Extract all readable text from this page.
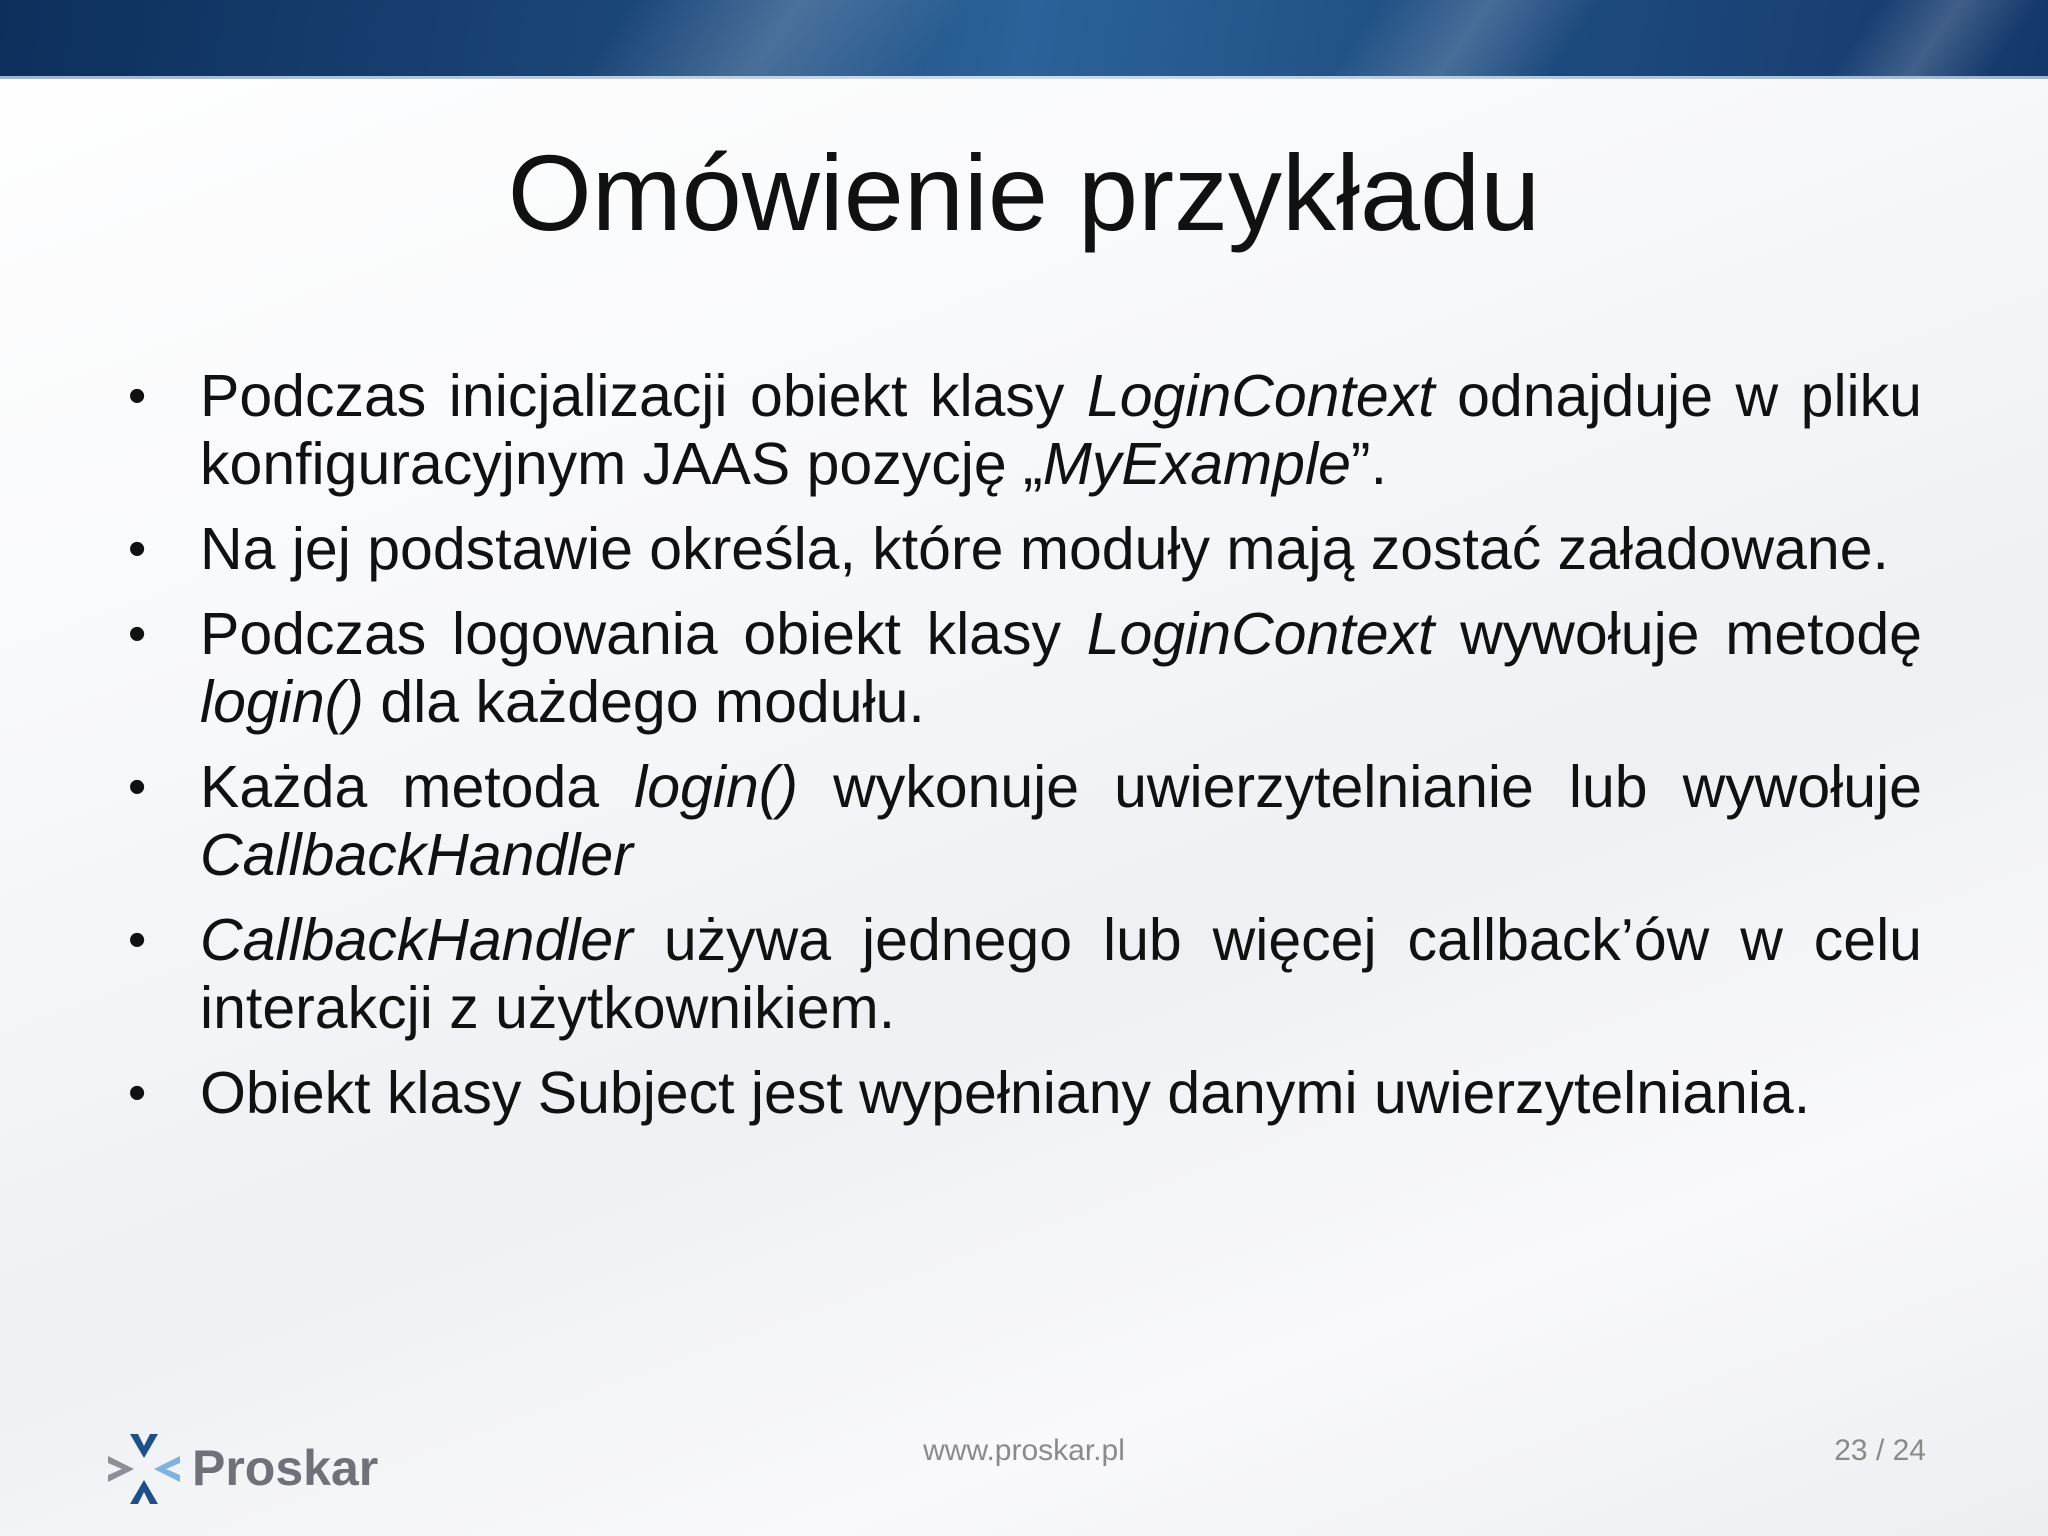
Omówienie przykładu
• Podczas inicjalizacji obiekt klasy LoginContext odnajduje w pliku konfiguracyjnym JAAS pozycję „MyExample”.
• Na jej podstawie określa, które moduły mają zostać załadowane.
• Podczas logowania obiekt klasy LoginContext wywołuje metodę login() dla każdego modułu.
• Każda metoda login() wykonuje uwierzytelnianie lub wywołuje CallbackHandler
• CallbackHandler używa jednego lub więcej callback’ów w celu interakcji z użytkownikiem.
• Obiekt klasy Subject jest wypełniany danymi uwierzytelniania.
Proskar	www.proskar.pl	23 / 24
